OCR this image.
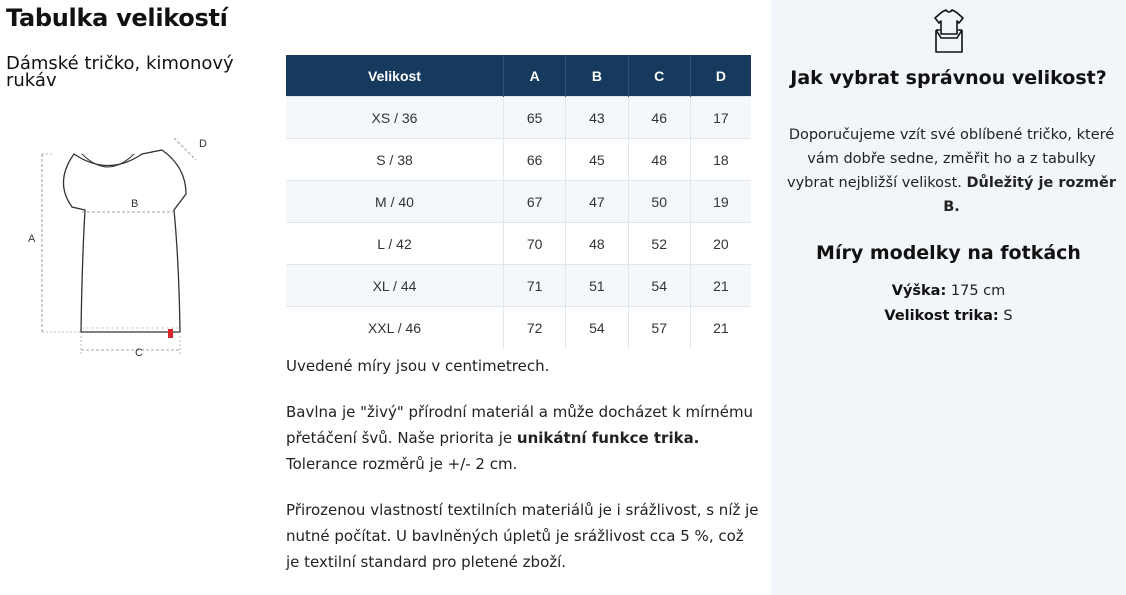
Tabulka velikostí
Dámské tričko, kimonový rukáv
A
B
C
D
Velikost	A	B	C	D
XS / 36	65	43	46	17
S / 38	66	45	48	18
M / 40	67	47	50	19
L / 42	70	48	52	20
XL / 44	71	51	54	21
XXL / 46	72	54	57	21

Uvedené míry jsou v centimetrech.

Bavlna je "živý" přírodní materiál a může docházet k mírnému přetáčení švů. Naše priorita je unikátní funkce trika. Tolerance rozměrů je +/- 2 cm.

Přirozenou vlastností textilních materiálů je i srážlivost, s níž je nutné počítat. U bavlněných úpletů je srážlivost cca 5 %, což je textilní standard pro pletené zboží.

Jak vybrat správnou velikost?
Doporučujeme vzít své oblíbené tričko, které vám dobře sedne, změřit ho a z tabulky vybrat nejbližší velikost. Důležitý je rozměr B.
Míry modelky na fotkách
Výška: 175 cm
Velikost trika: S
